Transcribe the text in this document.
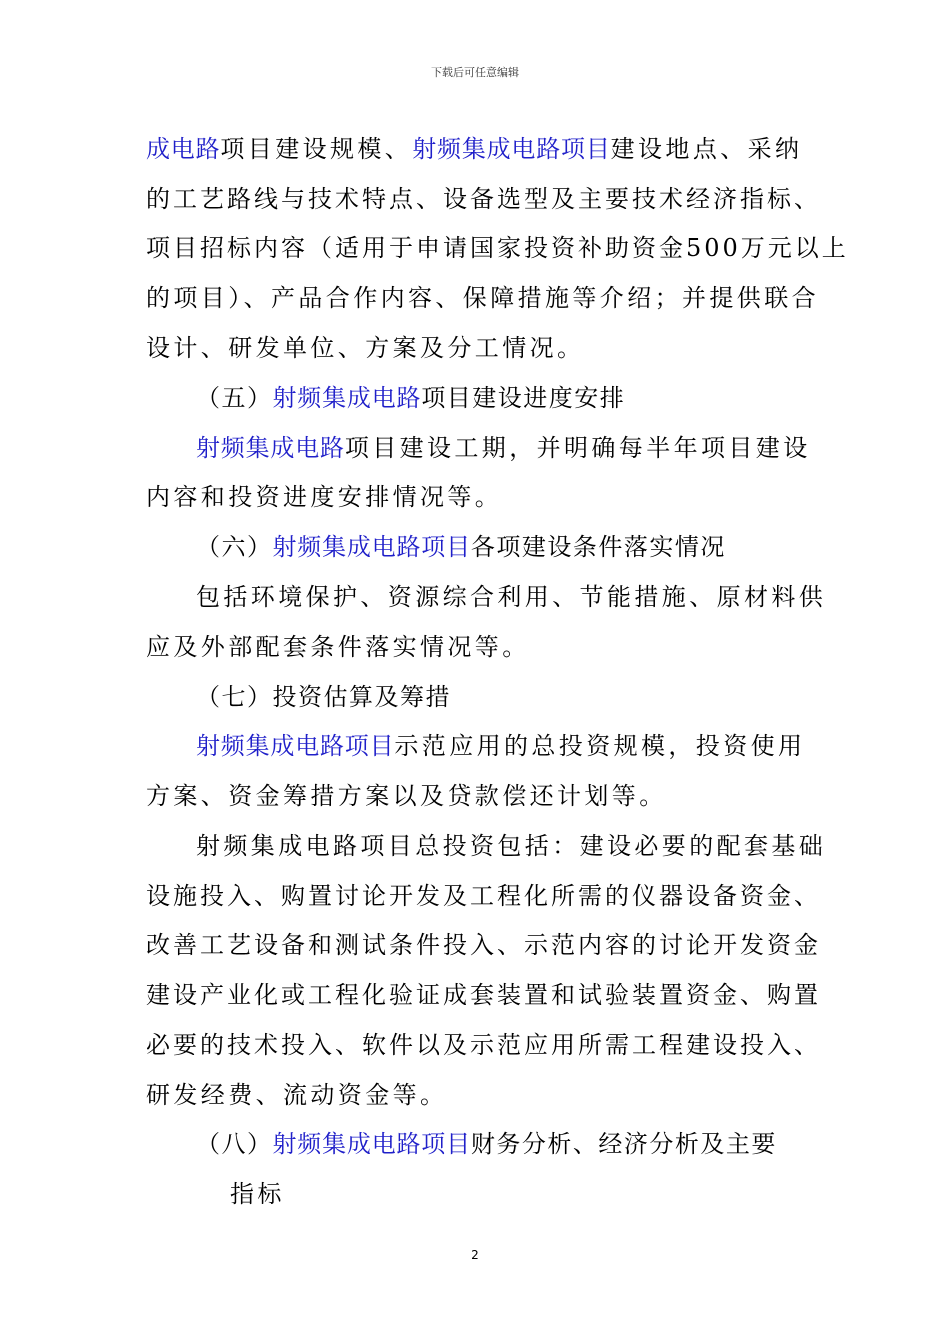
下载后可任意编辑
成电路项目建设规模、射频集成电路项目建设地点、采纳
的工艺路线与技术特点、设备选型及主要技术经济指标、
项目招标内容（适用于申请国家投资补助资金500万元以上
的项目）、产品合作内容、保障措施等介绍；并提供联合
设计、研发单位、方案及分工情况。
（五）射频集成电路项目建设进度安排
射频集成电路项目建设工期，并明确每半年项目建设
内容和投资进度安排情况等。
（六）射频集成电路项目各项建设条件落实情况
包括环境保护、资源综合利用、节能措施、原材料供
应及外部配套条件落实情况等。
（七）投资估算及筹措
射频集成电路项目示范应用的总投资规模，投资使用
方案、资金筹措方案以及贷款偿还计划等。
射频集成电路项目总投资包括：建设必要的配套基础
设施投入、购置讨论开发及工程化所需的仪器设备资金、
改善工艺设备和测试条件投入、示范内容的讨论开发资金
建设产业化或工程化验证成套装置和试验装置资金、购置
必要的技术投入、软件以及示范应用所需工程建设投入、
研发经费、流动资金等。
（八）射频集成电路项目财务分析、经济分析及主要
指标
2
